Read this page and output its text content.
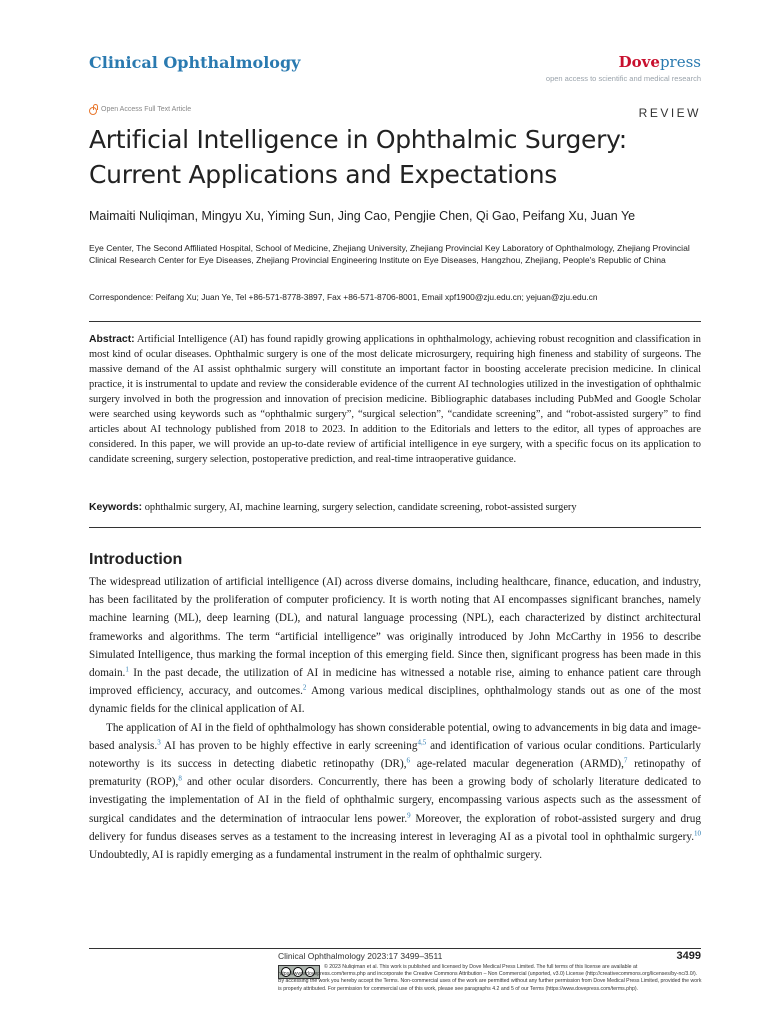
Clinical Ophthalmology	Dovepress
open access to scientific and medical research
Open Access Full Text Article	REVIEW
Artificial Intelligence in Ophthalmic Surgery:
Current Applications and Expectations
Maimaiti Nuliqiman, Mingyu Xu, Yiming Sun, Jing Cao, Pengjie Chen, Qi Gao, Peifang Xu, Juan Ye
Eye Center, The Second Affiliated Hospital, School of Medicine, Zhejiang University, Zhejiang Provincial Key Laboratory of Ophthalmology, Zhejiang Provincial Clinical Research Center for Eye Diseases, Zhejiang Provincial Engineering Institute on Eye Diseases, Hangzhou, Zhejiang, People's Republic of China
Correspondence: Peifang Xu; Juan Ye, Tel +86-571-8778-3897, Fax +86-571-8706-8001, Email xpf1900@zju.edu.cn; yejuan@zju.edu.cn
Abstract: Artificial Intelligence (AI) has found rapidly growing applications in ophthalmology, achieving robust recognition and classification in most kind of ocular diseases. Ophthalmic surgery is one of the most delicate microsurgery, requiring high fineness and stability of surgeons. The massive demand of the AI assist ophthalmic surgery will constitute an important factor in boosting accelerate precision medicine. In clinical practice, it is instrumental to update and review the considerable evidence of the current AI technologies utilized in the investigation of ophthalmic surgery involved in both the progression and innovation of precision medicine. Bibliographic databases including PubMed and Google Scholar were searched using keywords such as “ophthalmic surgery”, “surgical selection”, “candidate screening”, and “robot-assisted surgery” to find articles about AI technology published from 2018 to 2023. In addition to the Editorials and letters to the editor, all types of approaches are considered. In this paper, we will provide an up-to-date review of artificial intelligence in eye surgery, with a specific focus on its application to candidate screening, surgery selection, postoperative prediction, and real-time intraoperative guidance.
Keywords: ophthalmic surgery, AI, machine learning, surgery selection, candidate screening, robot-assisted surgery
Introduction

The widespread utilization of artificial intelligence (AI) across diverse domains, including healthcare, finance, education, and industry, has been facilitated by the proliferation of computer proficiency. It is worth noting that AI encompasses significant branches, namely machine learning (ML), deep learning (DL), and natural language processing (NPL), each characterized by distinct architectural frameworks and algorithms. The term “artificial intelligence” was originally introduced by John McCarthy in 1956 to describe Simulated Intelligence, thus marking the formal inception of this emerging field. Since then, significant progress has been made in this domain.$^1$ In the past decade, the utilization of AI in medicine has witnessed a notable rise, aiming to enhance patient care through improved efficiency, accuracy, and outcomes.$^2$ Among various medical disciplines, ophthalmology stands out as one of the most dynamic fields for the clinical application of AI.

The application of AI in the field of ophthalmology has shown considerable potential, owing to advancements in big data and image-based analysis.$^3$ AI has proven to be highly effective in early screening$^{4,5}$ and identification of various ocular conditions. Particularly noteworthy is its success in detecting diabetic retinopathy (DR),$^6$ age-related macular degeneration (ARMD),$^7$ retinopathy of prematurity (ROP),$^8$ and other ocular disorders. Concurrently, there has been a growing body of scholarly literature dedicated to investigating the implementation of AI in the field of ophthalmic surgery, encompassing various aspects such as the assessment of surgical candidates and the determination of intraocular lens power.$^9$ Moreover, the exploration of robot-assisted surgery and drug delivery for fundus diseases serves as a testament to the increasing interest in leveraging AI as a pivotal tool in ophthalmic surgery.$^{10}$ Undoubtedly, AI is rapidly emerging as a fundamental instrument in the realm of ophthalmic surgery.

Clinical Ophthalmology 2023:17 3499–3511	3499
© 2023 Nuliqiman et al. This work is published and licensed by Dove Medical Press Limited. The full terms of this license are available at https://www.dovepress.com/terms.php and incorporate the Creative Commons Attribution – Non Commercial (unported, v3.0) License (http://creativecommons.org/licenses/by-nc/3.0/). By accessing the work you hereby accept the Terms. Non-commercial uses of the work are permitted without any further permission from Dove Medical Press Limited, provided the work is properly attributed. For permission for commercial use of this work, please see paragraphs 4.2 and 5 of our Terms (https://www.dovepress.com/terms.php).
